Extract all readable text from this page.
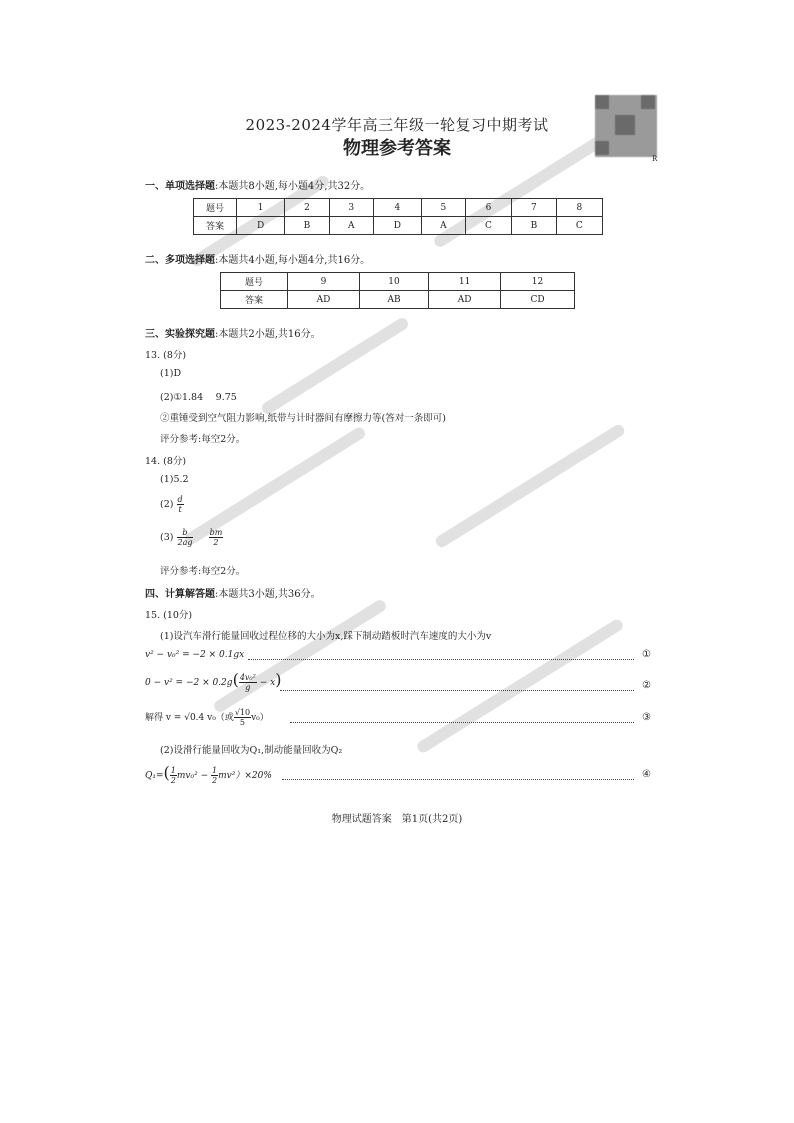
R
2023-2024学年高三年级一轮复习中期考试
物理参考答案
一、单项选择题:本题共8小题,每小题4分,共32分。
题号	1	2	3	4	5	6	7	8
答案	D	B	A	D	A	C	B	C
二、多项选择题:本题共4小题,每小题4分,共16分。
题号	9	10	11	12
答案	AD	AB	AD	CD
三、实验探究题:本题共2小题,共16分。
13. (8分)
(1)D
(2)①1.84　 9.75
②重锤受到空气阻力影响,纸带与计时器间有摩擦力等(答对一条即可)
评分参考:每空2分。
14. (8分)
(1)5.2
$(2) \frac{d}{t}$
$(3) \frac{b}{2ag}$
$\frac{bm}{2}$
评分参考:每空2分。
四、计算解答题:本题共3小题,共36分。
15. (10分)
(1)设汽车滑行能量回收过程位移的大小为x,踩下制动踏板时汽车速度的大小为v
v² − v₀² = −2 × 0.1gx	①
$0 - v^2 = -2 \times 0.2g( \frac{\text{4v₀²}}{g} - x)$	②
解得 v = √0.4 v₀（或 $\frac{√10}{5} v_0$）	③
(2)设滑行能量回收为Q₁,制动能量回收为Q₂
$Q_1=( \frac{1}{2} mv_0^2 - \frac{1}{2} mv^2)\times 20\%$	④
物理试题答案　第1页(共2页)
